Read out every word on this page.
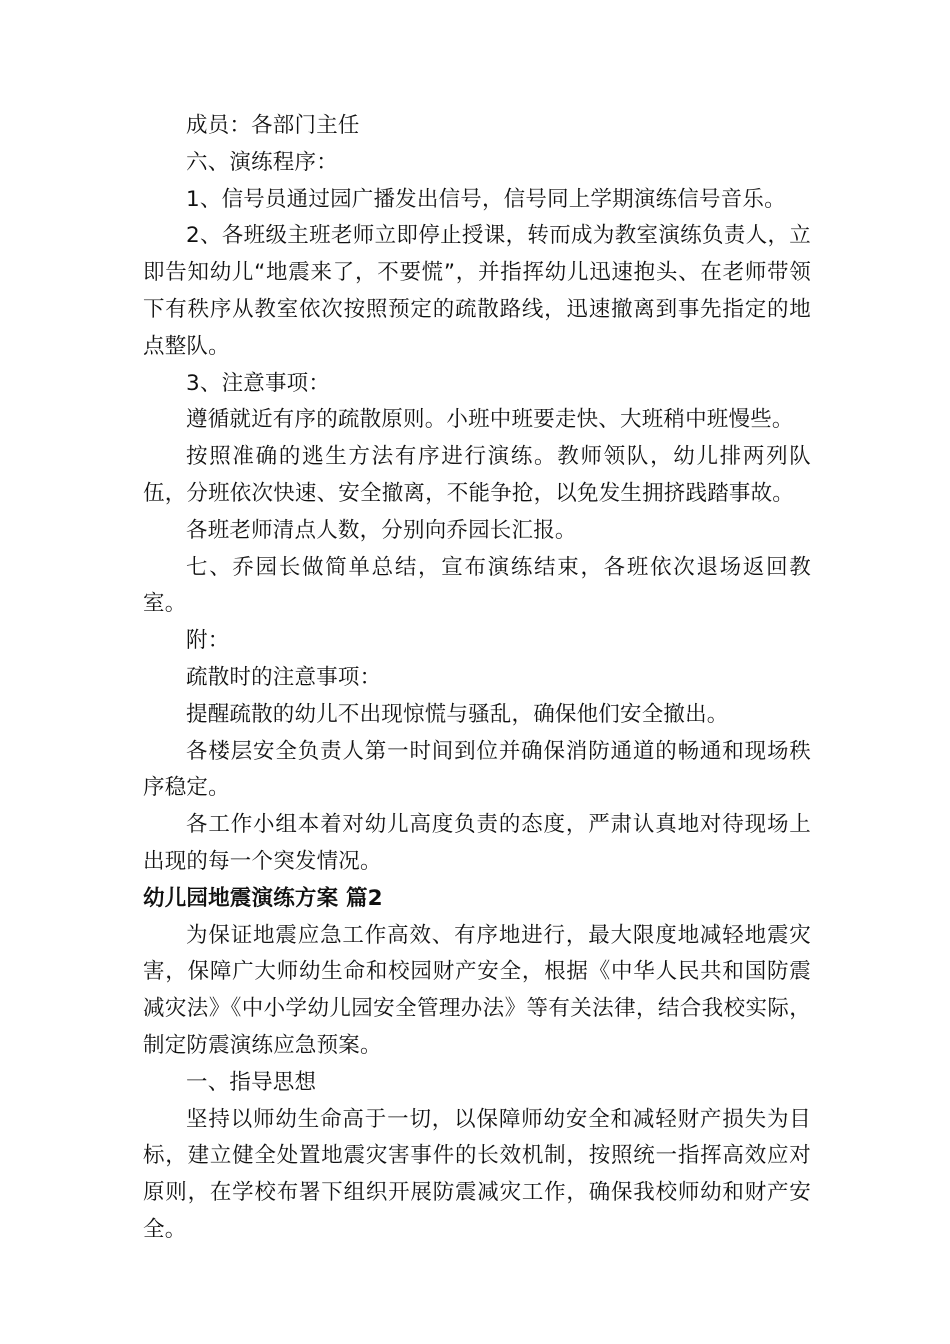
成员：各部门主任

六、演练程序：

1、信号员通过园广播发出信号，信号同上学期演练信号音乐。

2、各班级主班老师立即停止授课，转而成为教室演练负责人，立即告知幼儿“地震来了，不要慌”，并指挥幼儿迅速抱头、在老师带领下有秩序从教室依次按照预定的疏散路线，迅速撤离到事先指定的地点整队。

3、注意事项：

遵循就近有序的疏散原则。小班中班要走快、大班稍中班慢些。

按照准确的逃生方法有序进行演练。教师领队，幼儿排两列队伍，分班依次快速、安全撤离，不能争抢，以免发生拥挤践踏事故。

各班老师清点人数，分别向乔园长汇报。

七、乔园长做简单总结，宣布演练结束，各班依次退场返回教室。

附：

疏散时的注意事项：

提醒疏散的幼儿不出现惊慌与骚乱，确保他们安全撤出。

各楼层安全负责人第一时间到位并确保消防通道的畅通和现场秩序稳定。

各工作小组本着对幼儿高度负责的态度，严肃认真地对待现场上出现的每一个突发情况。

幼儿园地震演练方案 篇2

为保证地震应急工作高效、有序地进行，最大限度地减轻地震灾害，保障广大师幼生命和校园财产安全，根据《中华人民共和国防震减灾法》《中小学幼儿园安全管理办法》等有关法律，结合我校实际，制定防震演练应急预案。

一、指导思想

坚持以师幼生命高于一切，以保障师幼安全和减轻财产损失为目标，建立健全处置地震灾害事件的长效机制，按照统一指挥高效应对原则，在学校布署下组织开展防震减灾工作，确保我校师幼和财产安全。
